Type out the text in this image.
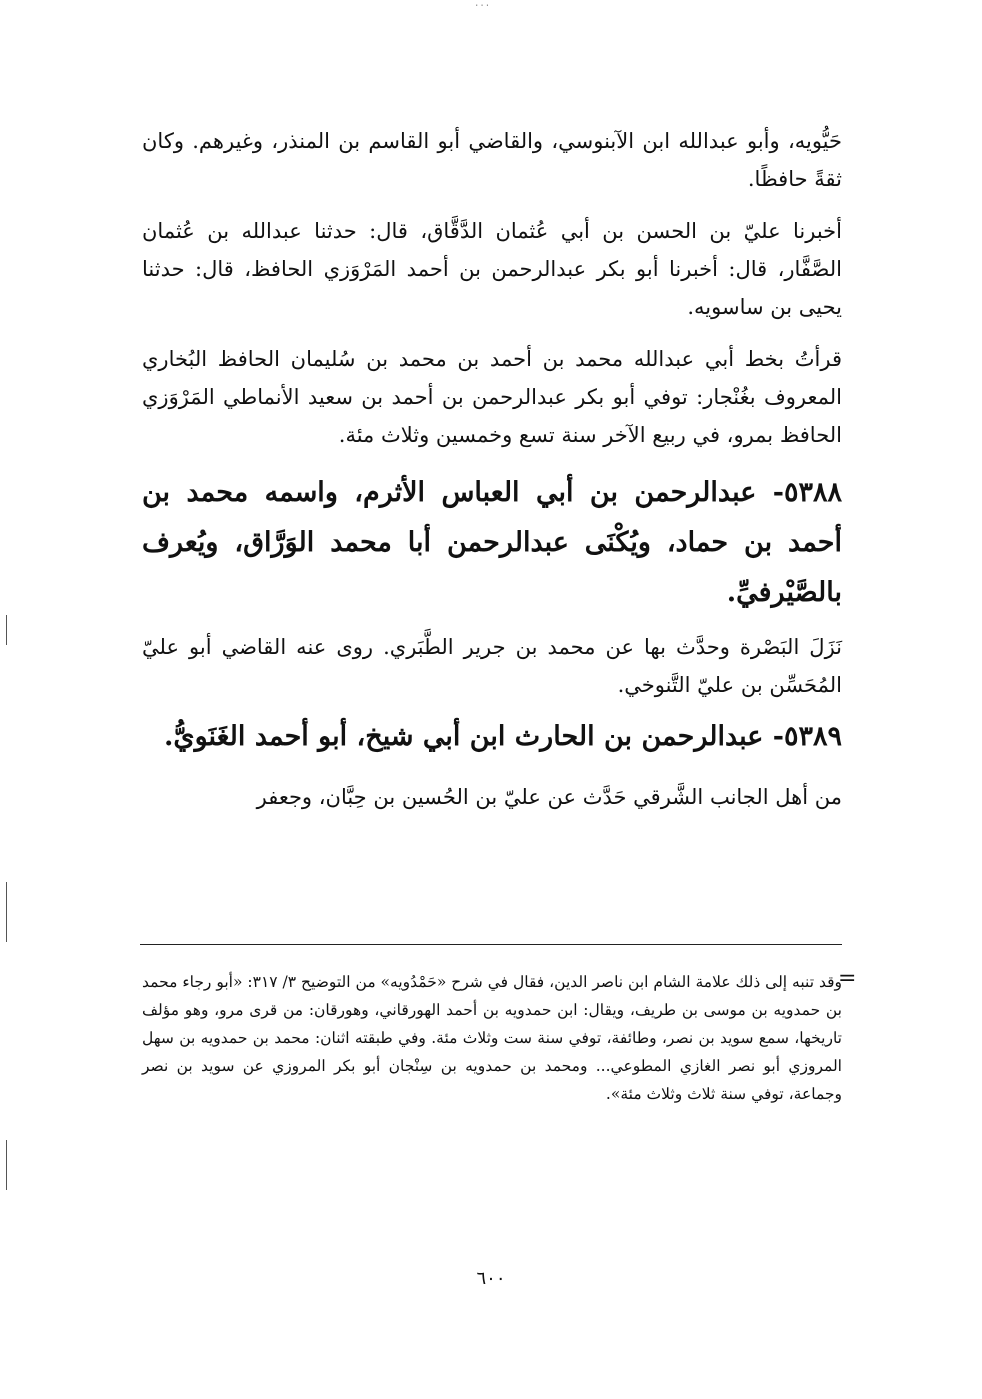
٠٠٠

حَيُّويه، وأبو عبدالله ابن الآبنوسي، والقاضي أبو القاسم بن المنذر، وغيرهم. وكان ثقةً حافظًا.

أخبرنا عليّ بن الحسن بن أبي عُثمان الدَّقَّاق، قال: حدثنا عبدالله بن عُثمان الصَّفَّار، قال: أخبرنا أبو بكر عبدالرحمن بن أحمد المَرْوَزي الحافظ، قال: حدثنا يحيى بن ساسويه.

قرأتُ بخط أبي عبدالله محمد بن أحمد بن محمد بن سُليمان الحافظ البُخاري المعروف بغُنْجار: توفي أبو بكر عبدالرحمن بن أحمد بن سعيد الأنماطي المَرْوَزي الحافظ بمرو، في ربيع الآخر سنة تسع وخمسين وثلاث مئة.

٥٣٨٨- عبدالرحمن بن أبي العباس الأثرم، واسمه محمد بن أحمد بن حماد، ويُكْنَى عبدالرحمن أبا محمد الوَرَّاق، ويُعرف بالصَّيْرفيِّ.

نَزَلَ البَصْرة وحدَّث بها عن محمد بن جرير الطَّبَري. روى عنه القاضي أبو عليّ المُحَسِّن بن عليّ التَّنوخي.

٥٣٨٩- عبدالرحمن بن الحارث ابن أبي شيخ، أبو أحمد الغَنَويُّ.

من أهل الجانب الشَّرقي حَدَّث عن عليّ بن الحُسين بن حِبَّان، وجعفر

=

وقد تنبه إلى ذلك علامة الشام ابن ناصر الدين، فقال في شرح «حَمْدُويه» من التوضيح ٣/ ٣١٧: «أبو رجاء محمد بن حمدويه بن موسى بن طريف، ويقال: ابن حمدويه بن أحمد الهورقاني، وهورقان: من قرى مرو، وهو مؤلف تاريخها، سمع سويد بن نصر، وطائفة، توفي سنة ست وثلاث مئة. وفي طبقته اثنان: محمد بن حمدويه بن سهل المروزي أبو نصر الغازي المطوعي... ومحمد بن حمدويه بن سِنْجان أبو بكر المروزي عن سويد بن نصر وجماعة، توفي سنة ثلاث وثلاث مئة».

٦٠٠
